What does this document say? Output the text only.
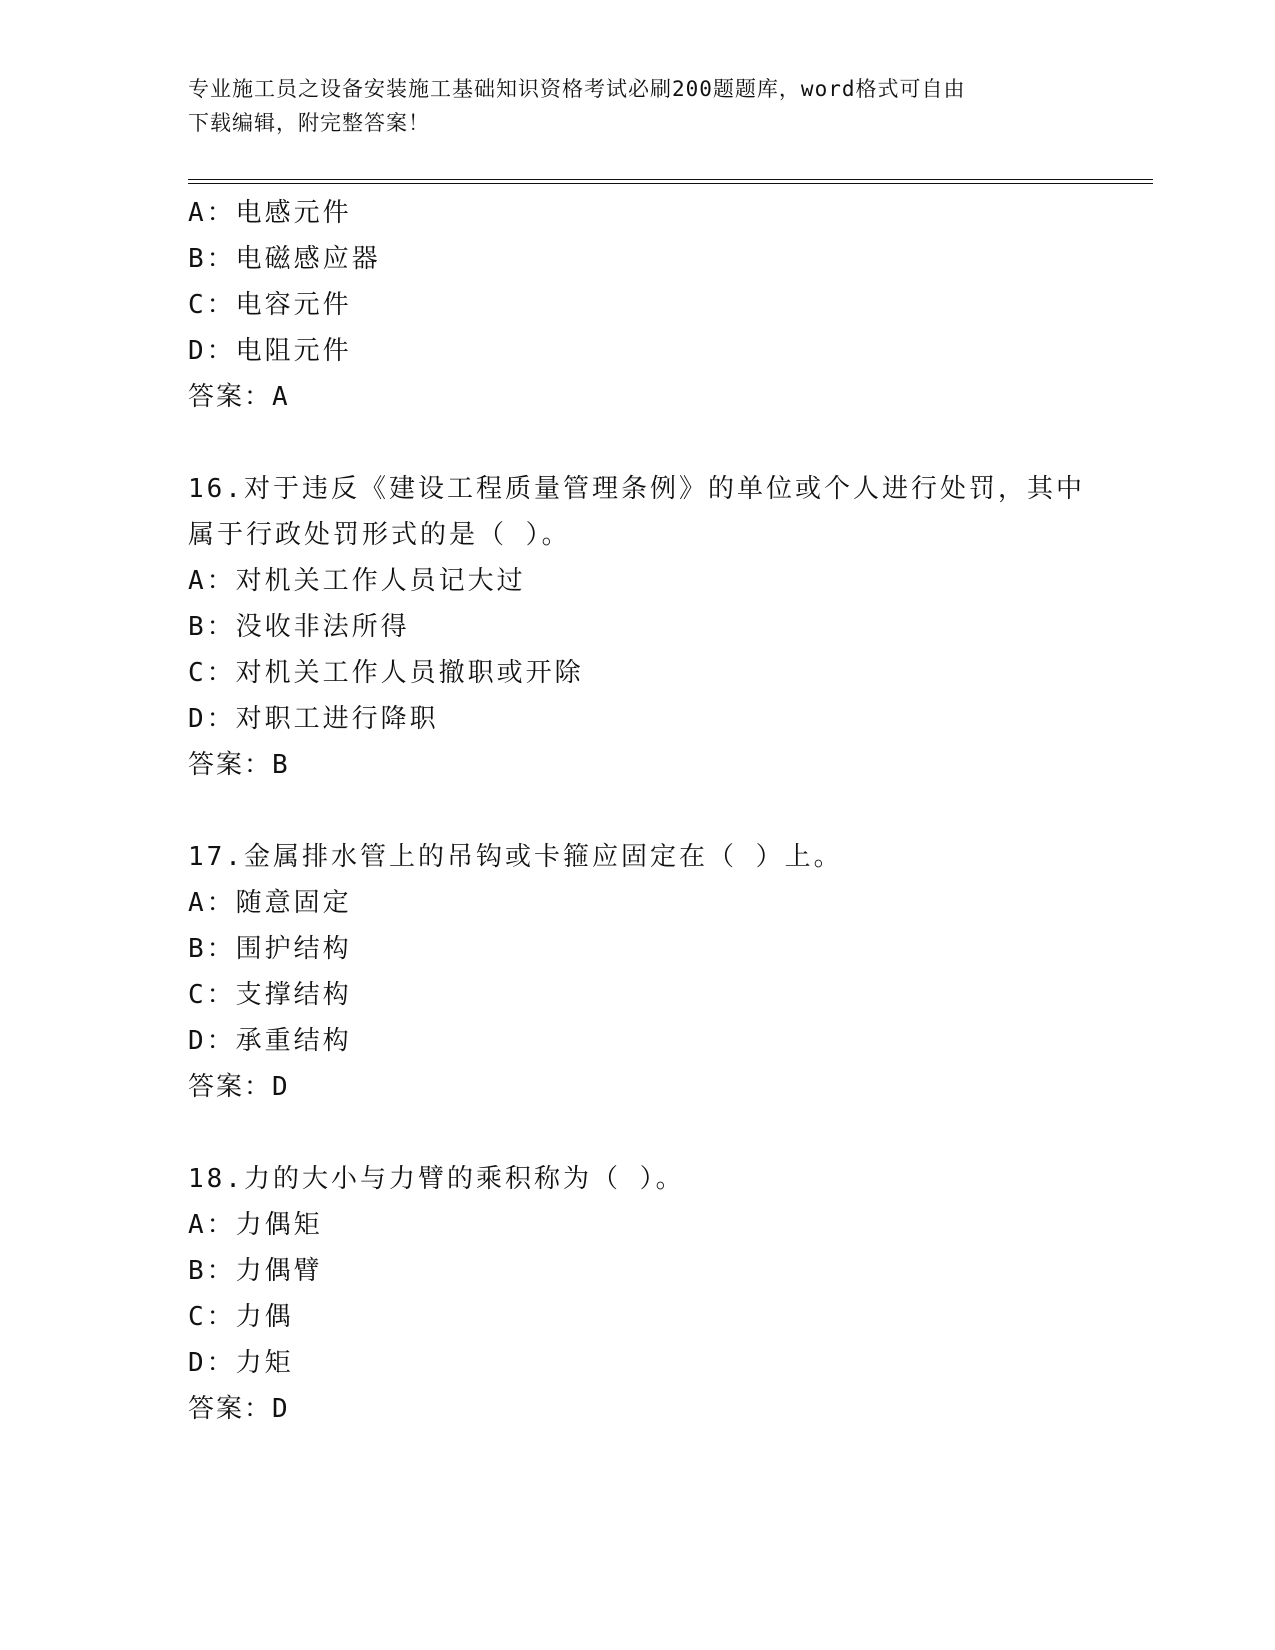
专业施工员之设备安装施工基础知识资格考试必刷200题题库，word格式可自由
下载编辑，附完整答案！
A：电感元件
B：电磁感应器
C：电容元件
D：电阻元件
答案：A
16.对于违反《建设工程质量管理条例》的单位或个人进行处罚，其中
属于行政处罚形式的是（ ）。
A：对机关工作人员记大过
B：没收非法所得
C：对机关工作人员撤职或开除
D：对职工进行降职
答案：B
17.金属排水管上的吊钩或卡箍应固定在（ ）上。
A：随意固定
B：围护结构
C：支撑结构
D：承重结构
答案：D
18.力的大小与力臂的乘积称为（ ）。
A：力偶矩
B：力偶臂
C：力偶
D：力矩
答案：D
